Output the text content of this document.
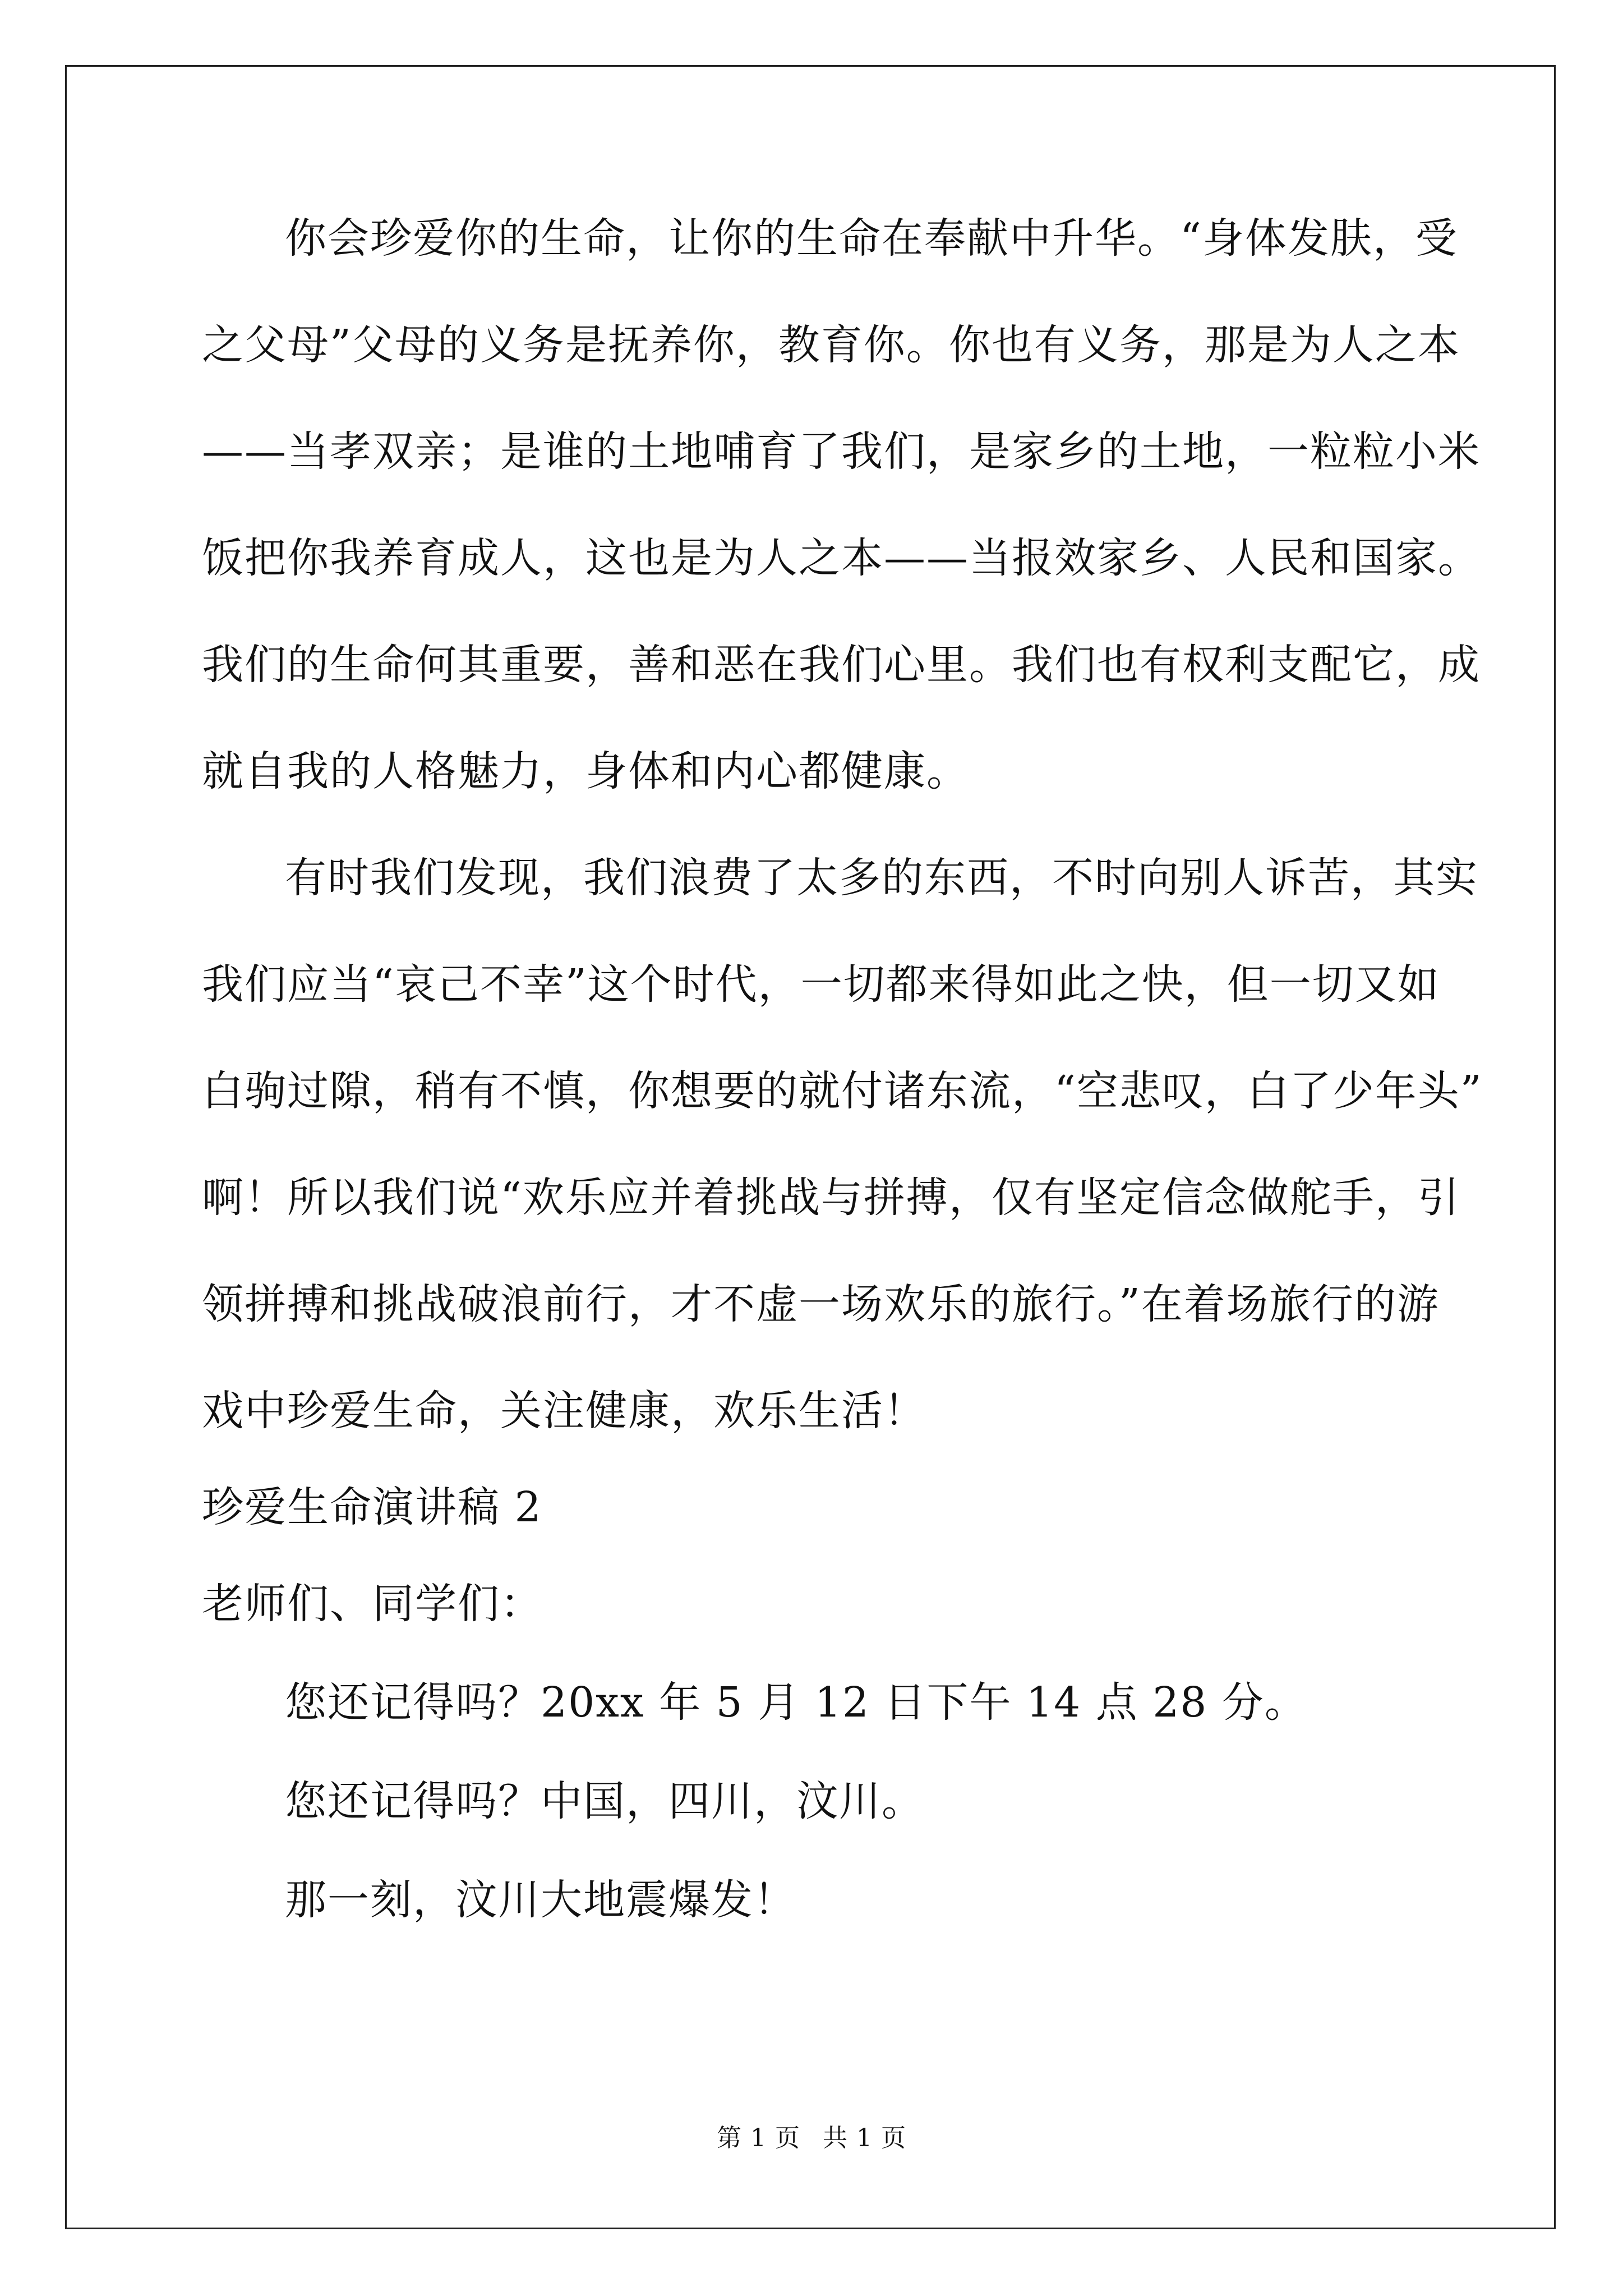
你会珍爱你的生命，让你的生命在奉献中升华。“身体发肤，受
之父母”父母的义务是抚养你，教育你。你也有义务，那是为人之本
——当孝双亲；是谁的土地哺育了我们，是家乡的土地，一粒粒小米
饭把你我养育成人，这也是为人之本——当报效家乡、人民和国家。
我们的生命何其重要，善和恶在我们心里。我们也有权利支配它，成
就自我的人格魅力，身体和内心都健康。
有时我们发现，我们浪费了太多的东西，不时向别人诉苦，其实
我们应当“哀己不幸”这个时代，一切都来得如此之快，但一切又如
白驹过隙，稍有不慎，你想要的就付诸东流，“空悲叹，白了少年头”
啊！所以我们说“欢乐应并着挑战与拼搏，仅有坚定信念做舵手，引
领拼搏和挑战破浪前行，才不虚一场欢乐的旅行。”在着场旅行的游
戏中珍爱生命，关注健康，欢乐生活！
珍爱生命演讲稿 2
老师们、同学们：
您还记得吗？20xx 年 5 月 12 日下午 14 点 28 分。
您还记得吗？中国，四川，汶川。
那一刻，汶川大地震爆发！
第 1 页 共 1 页
